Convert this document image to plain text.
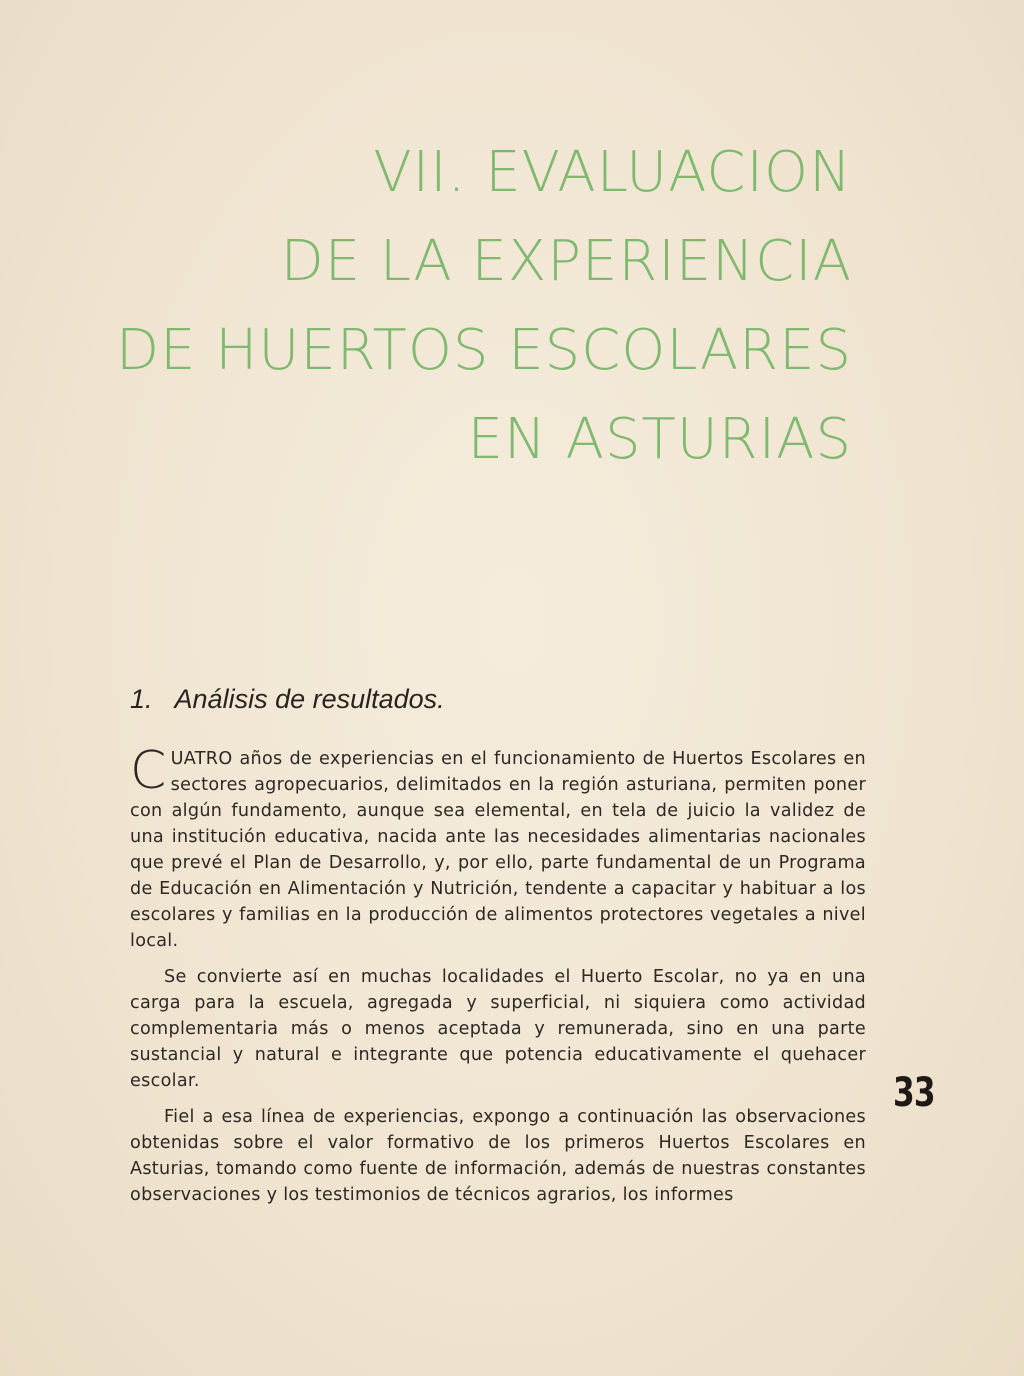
VII. EVALUACION
DE LA EXPERIENCIA
DE HUERTOS ESCOLARES
EN ASTURIAS
1. Análisis de resultados.

CUATRO años de experiencias en el funcionamiento de Huertos Escolares en sectores agropecuarios, delimitados en la región asturiana, permiten poner con algún fundamento, aunque sea elemental, en tela de juicio la validez de una institución educativa, nacida ante las necesidades alimentarias nacionales que prevé el Plan de Desarrollo, y, por ello, parte fundamental de un Programa de Educación en Alimentación y Nutrición, tendente a capacitar y habituar a los escolares y familias en la producción de alimentos protectores vegetales a nivel local.

Se convierte así en muchas localidades el Huerto Escolar, no ya en una carga para la escuela, agregada y superficial, ni siquiera como actividad complementaria más o menos aceptada y remunerada, sino en una parte sustancial y natural e integrante que potencia educativamente el quehacer escolar.

Fiel a esa línea de experiencias, expongo a continuación las observaciones obtenidas sobre el valor formativo de los primeros Huertos Escolares en Asturias, tomando como fuente de información, además de nuestras constantes observaciones y los testimonios de técnicos agrarios, los informes

33
